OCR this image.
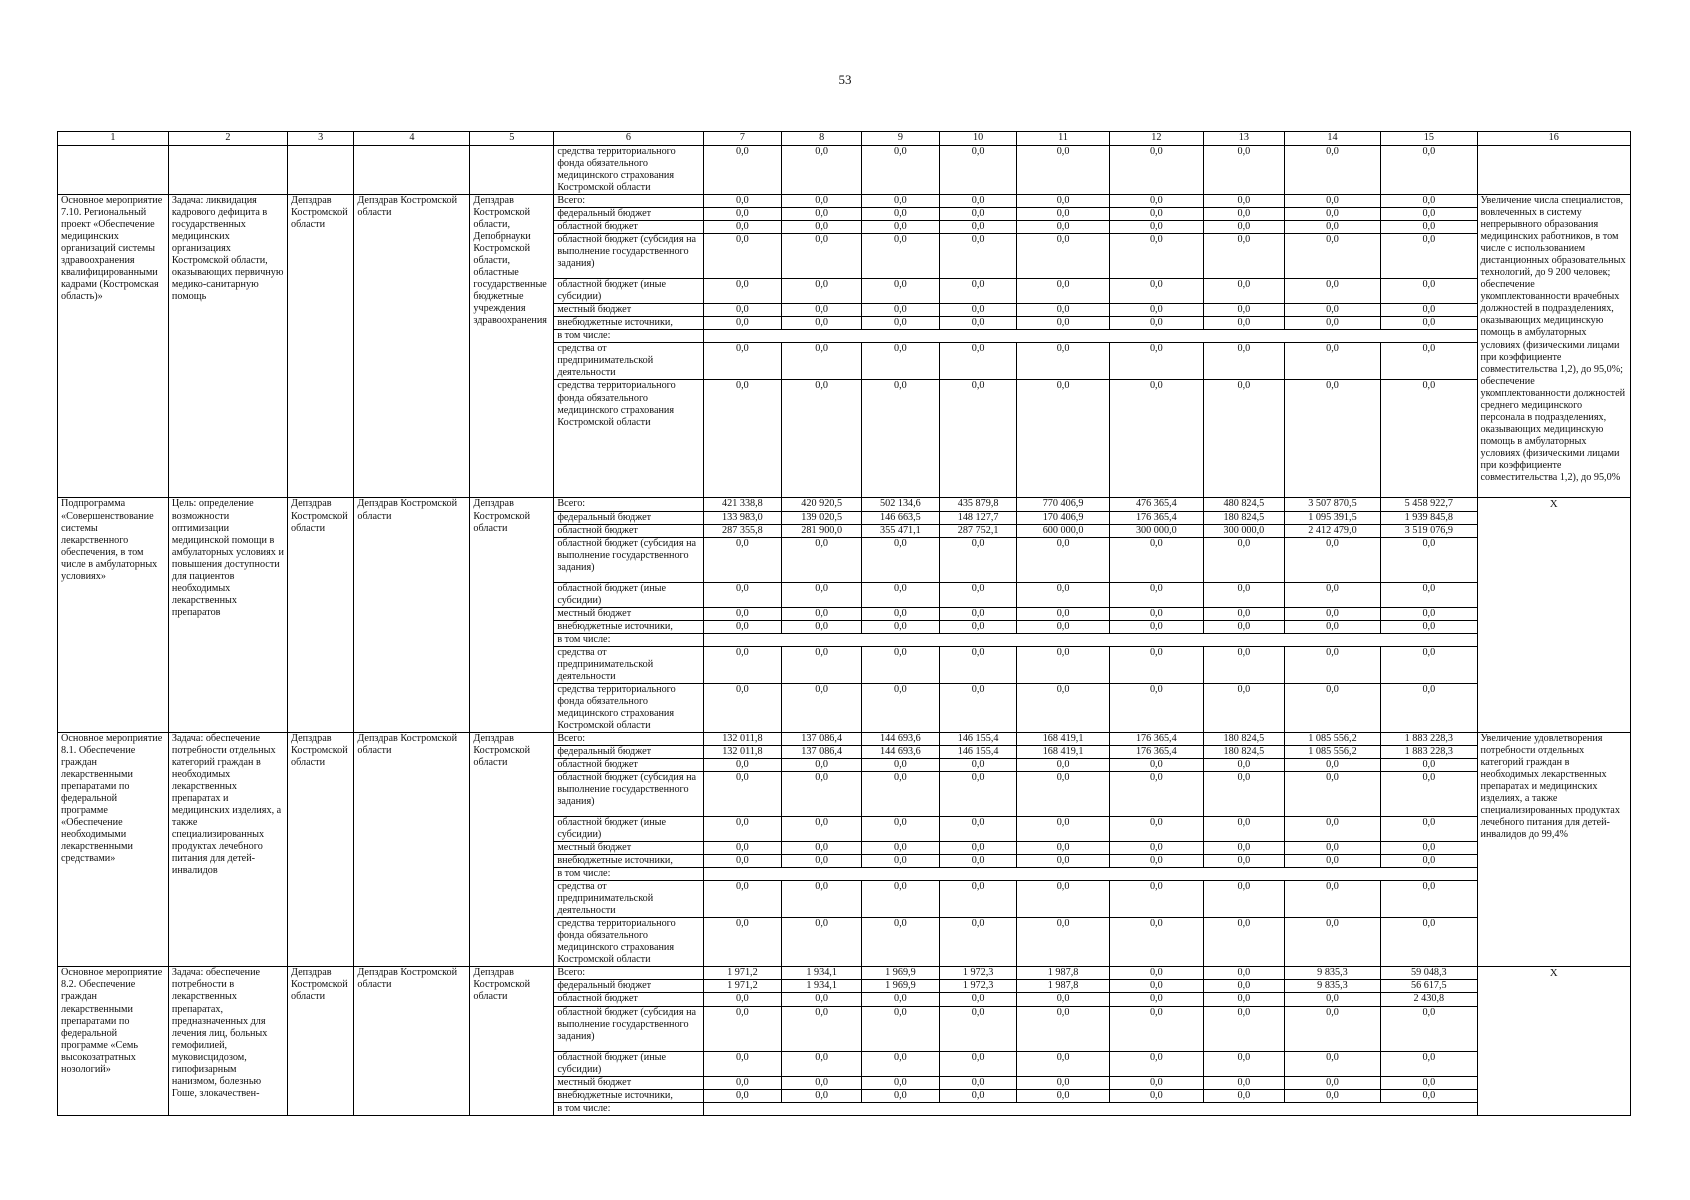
53
1	2	3	4	5	6	7	8	9	10	11	12	13	14	15	16
					средства территориального фонда обязательного медицинского страхования Костромской области	0,0	0,0	0,0	0,0	0,0	0,0	0,0	0,0	0,0	
Основное мероприятие 7.10. Региональный проект «Обеспечение медицинских организаций системы здравоохранения квалифицированными кадрами (Костромская область)»	Задача: ликвидация кадрового дефицита в государственных медицинских организациях Костромской области, оказывающих первичную медико-санитарную помощь	Депздрав Костромской области	Депздрав Костромской области	Депздрав Костромской области, Депобрнауки Костромской области, областные государственные бюджетные учреждения здравоохранения	Всего:	0,0	0,0	0,0	0,0	0,0	0,0	0,0	0,0	0,0	Увеличение числа специалистов, вовлеченных в систему непрерывного образования медицинских работников, в том числе с использованием дистанционных образовательных технологий, до 9 200 человек; обеспечение укомплектованности врачебных должностей в подразделениях, оказывающих медицинскую помощь в амбулаторных условиях (физическими лицами при коэффициенте совместительства 1,2), до 95,0%; обеспечение укомплектованности должностей среднего медицинского персонала в подразделениях, оказывающих медицинскую помощь в амбулаторных условиях (физическими лицами при коэффициенте совместительства 1,2), до 95,0%
					федеральный бюджет	0,0	0,0	0,0	0,0	0,0	0,0	0,0	0,0	0,0	
					областной бюджет	0,0	0,0	0,0	0,0	0,0	0,0	0,0	0,0	0,0	
					областной бюджет (субсидия на выполнение государственного задания)	0,0	0,0	0,0	0,0	0,0	0,0	0,0	0,0	0,0	
					областной бюджет (иные субсидии)	0,0	0,0	0,0	0,0	0,0	0,0	0,0	0,0	0,0	
					местный бюджет	0,0	0,0	0,0	0,0	0,0	0,0	0,0	0,0	0,0	
					внебюджетные источники,	0,0	0,0	0,0	0,0	0,0	0,0	0,0	0,0	0,0	
					в том числе:										
					средства от предпринимательской деятельности	0,0	0,0	0,0	0,0	0,0	0,0	0,0	0,0	0,0	
					средства территориального фонда обязательного медицинского страхования Костромской области	0,0	0,0	0,0	0,0	0,0	0,0	0,0	0,0	0,0	
Подпрограмма «Совершенствование системы лекарственного обеспечения, в том числе в амбулаторных условиях»	Цель: определение возможности оптимизации медицинской помощи в амбулаторных условиях и повышения доступности для пациентов необходимых лекарственных препаратов	Депздрав Костромской области	Депздрав Костромской области	Депздрав Костромской области	Всего:	421 338,8	420 920,5	502 134,6	435 879,8	770 406,9	476 365,4	480 824,5	3 507 870,5	5 458 922,7	X
					федеральный бюджет	133 983,0	139 020,5	146 663,5	148 127,7	170 406,9	176 365,4	180 824,5	1 095 391,5	1 939 845,8	
					областной бюджет	287 355,8	281 900,0	355 471,1	287 752,1	600 000,0	300 000,0	300 000,0	2 412 479,0	3 519 076,9	
					областной бюджет (субсидия на выполнение государственного задания)	0,0	0,0	0,0	0,0	0,0	0,0	0,0	0,0	0,0	
					областной бюджет (иные субсидии)	0,0	0,0	0,0	0,0	0,0	0,0	0,0	0,0	0,0	
					местный бюджет	0,0	0,0	0,0	0,0	0,0	0,0	0,0	0,0	0,0	
					внебюджетные источники,	0,0	0,0	0,0	0,0	0,0	0,0	0,0	0,0	0,0	
					в том числе:										
					средства от предпринимательской деятельности	0,0	0,0	0,0	0,0	0,0	0,0	0,0	0,0	0,0	
					средства территориального фонда обязательного медицинского страхования Костромской области	0,0	0,0	0,0	0,0	0,0	0,0	0,0	0,0	0,0	
Основное мероприятие 8.1. Обеспечение граждан лекарственными препаратами по федеральной программе «Обеспечение необходимыми лекарственными средствами»	Задача: обеспечение потребности отдельных категорий граждан в необходимых лекарственных препаратах и медицинских изделиях, а также специализированных продуктах лечебного питания для детей-инвалидов	Депздрав Костромской области	Депздрав Костромской области	Депздрав Костромской области	Всего:	132 011,8	137 086,4	144 693,6	146 155,4	168 419,1	176 365,4	180 824,5	1 085 556,2	1 883 228,3	Увеличение удовлетворения потребности отдельных категорий граждан в необходимых лекарственных препаратах и медицинских изделиях, а также специализированных продуктах лечебного питания для детей-инвалидов до 99,4%
					федеральный бюджет	132 011,8	137 086,4	144 693,6	146 155,4	168 419,1	176 365,4	180 824,5	1 085 556,2	1 883 228,3	
					областной бюджет	0,0	0,0	0,0	0,0	0,0	0,0	0,0	0,0	0,0	
					областной бюджет (субсидия на выполнение государственного задания)	0,0	0,0	0,0	0,0	0,0	0,0	0,0	0,0	0,0	
					областной бюджет (иные субсидии)	0,0	0,0	0,0	0,0	0,0	0,0	0,0	0,0	0,0	
					местный бюджет	0,0	0,0	0,0	0,0	0,0	0,0	0,0	0,0	0,0	
					внебюджетные источники,	0,0	0,0	0,0	0,0	0,0	0,0	0,0	0,0	0,0	
					в том числе:										
					средства от предпринимательской деятельности	0,0	0,0	0,0	0,0	0,0	0,0	0,0	0,0	0,0	
					средства территориального фонда обязательного медицинского страхования Костромской области	0,0	0,0	0,0	0,0	0,0	0,0	0,0	0,0	0,0	
Основное мероприятие 8.2. Обеспечение граждан лекарственными препаратами по федеральной программе «Семь высокозатратных нозологий»	Задача: обеспечение потребности в лекарственных препаратах, предназначенных для лечения лиц, больных гемофилией, муковисцидозом, гипофизарным нанизмом, болезнью Гоше, злокачествен-	Депздрав Костромской области	Депздрав Костромской области	Депздрав Костромской области	Всего:	1 971,2	1 934,1	1 969,9	1 972,3	1 987,8	0,0	0,0	9 835,3	59 048,3	X
					федеральный бюджет	1 971,2	1 934,1	1 969,9	1 972,3	1 987,8	0,0	0,0	9 835,3	56 617,5	
					областной бюджет	0,0	0,0	0,0	0,0	0,0	0,0	0,0	0,0	2 430,8	
					областной бюджет (субсидия на выполнение государственного задания)	0,0	0,0	0,0	0,0	0,0	0,0	0,0	0,0	0,0	
					областной бюджет (иные субсидии)	0,0	0,0	0,0	0,0	0,0	0,0	0,0	0,0	0,0	
					местный бюджет	0,0	0,0	0,0	0,0	0,0	0,0	0,0	0,0	0,0	
					внебюджетные источники,	0,0	0,0	0,0	0,0	0,0	0,0	0,0	0,0	0,0	
					в том числе:										
